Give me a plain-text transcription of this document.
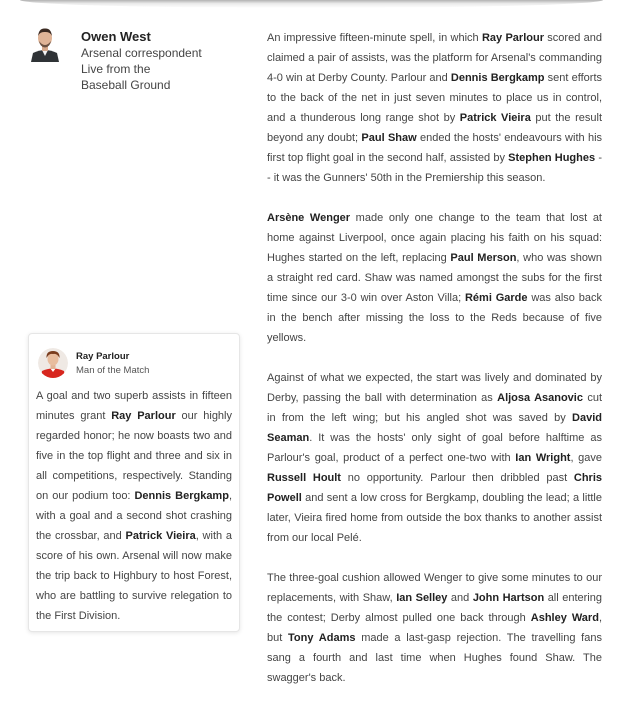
Owen West
Arsenal correspondent
Live from the
Baseball Ground

An impressive fifteen-minute spell, in which Ray Parlour scored and claimed a pair of assists, was the platform for Arsenal's commanding 4-0 win at Derby County. Parlour and Dennis Bergkamp sent efforts to the back of the net in just seven minutes to place us in control, and a thunderous long range shot by Patrick Vieira put the result beyond any doubt; Paul Shaw ended the hosts' endeavours with his first top flight goal in the second half, assisted by Stephen Hughes -- it was the Gunners' 50th in the Premiership this season.

Arsène Wenger made only one change to the team that lost at home against Liverpool, once again placing his faith on his squad: Hughes started on the left, replacing Paul Merson, who was shown a straight red card. Shaw was named amongst the subs for the first time since our 3-0 win over Aston Villa; Rémi Garde was also back in the bench after missing the loss to the Reds because of five yellows.

Against of what we expected, the start was lively and dominated by Derby, passing the ball with determination as Aljosa Asanovic cut in from the left wing; but his angled shot was saved by David Seaman. It was the hosts' only sight of goal before halftime as Parlour's goal, product of a perfect one-two with Ian Wright, gave Russell Hoult no opportunity. Parlour then dribbled past Chris Powell and sent a low cross for Bergkamp, doubling the lead; a little later, Vieira fired home from outside the box thanks to another assist from our local Pelé.

The three-goal cushion allowed Wenger to give some minutes to our replacements, with Shaw, Ian Selley and John Hartson all entering the contest; Derby almost pulled one back through Ashley Ward, but Tony Adams made a last-gasp rejection. The travelling fans sang a fourth and last time when Hughes found Shaw. The swagger's back.

Ray Parlour
Man of the Match

A goal and two superb assists in fifteen minutes grant Ray Parlour our highly regarded honor; he now boasts two and five in the top flight and three and six in all competitions, respectively. Standing on our podium too: Dennis Bergkamp, with a goal and a second shot crashing the crossbar, and Patrick Vieira, with a score of his own. Arsenal will now make the trip back to Highbury to host Forest, who are battling to survive relegation to the First Division.
